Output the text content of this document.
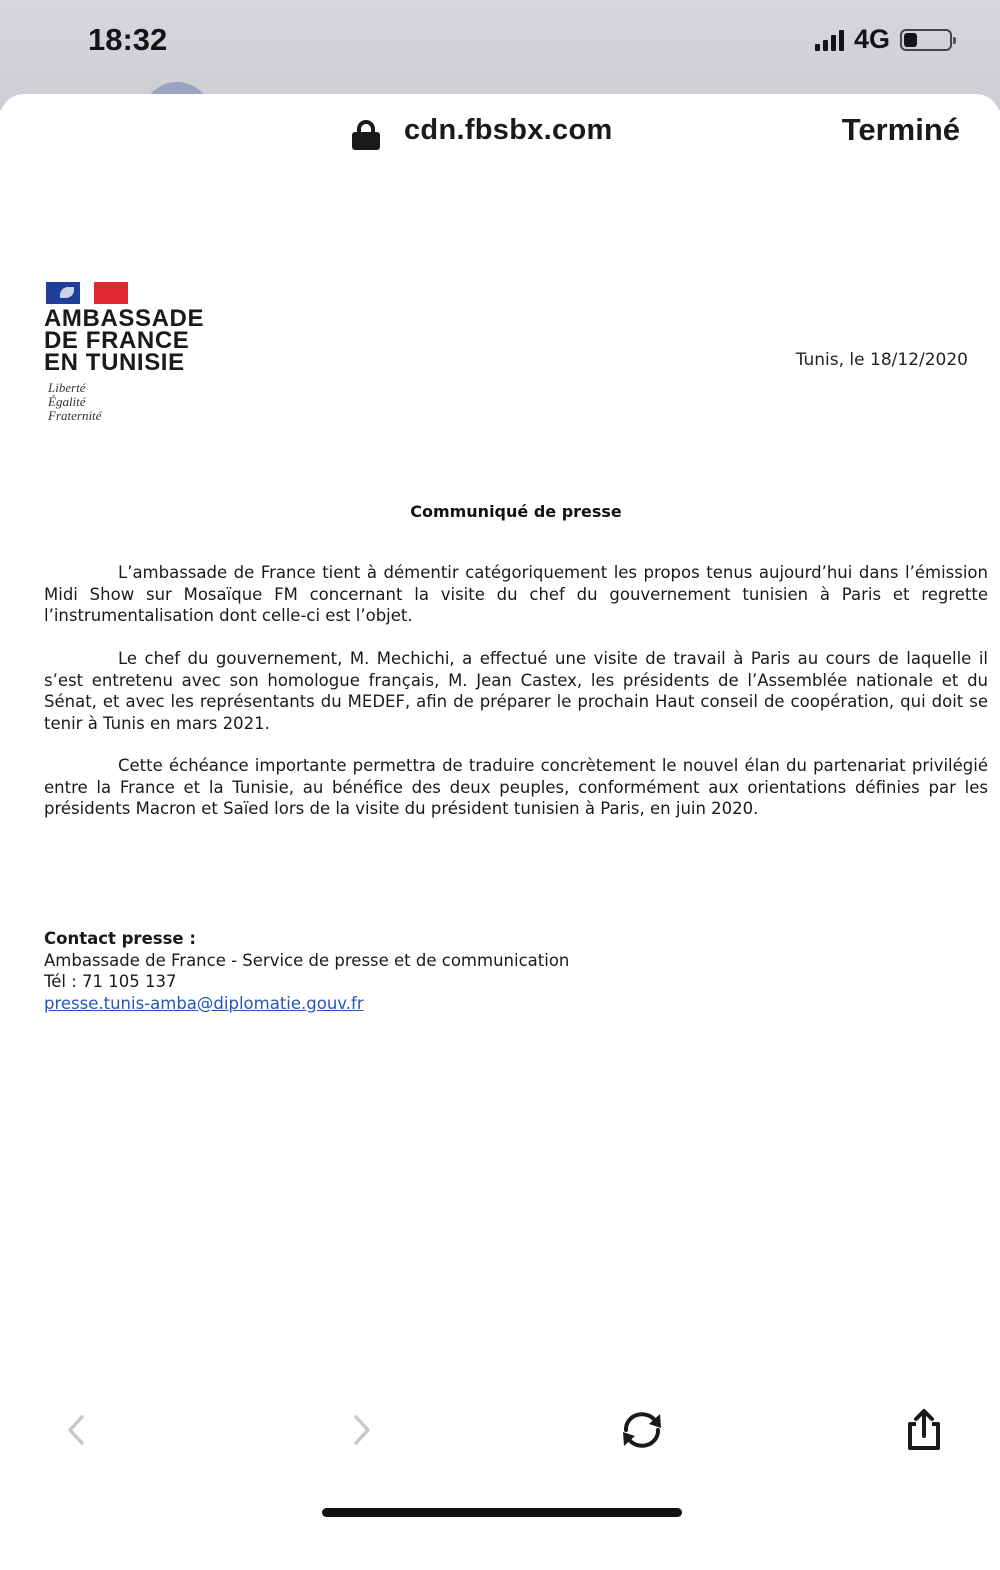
18:32	4G
cdn.fbsbx.com	Terminé
AMBASSADE
DE FRANCE
EN TUNISIE
Liberté
Égalité
Fraternité
Tunis, le 18/12/2020
Communiqué de presse

L’ambassade de France tient à démentir catégoriquement les propos tenus aujourd’hui dans l’émission Midi Show sur Mosaïque FM concernant la visite du chef du gouvernement tunisien à Paris et regrette l’instrumentalisation dont celle-ci est l’objet.

Le chef du gouvernement, M. Mechichi, a effectué une visite de travail à Paris au cours de laquelle il s’est entretenu avec son homologue français, M. Jean Castex, les présidents de l’Assemblée nationale et du Sénat, et avec les représentants du MEDEF, afin de préparer le prochain Haut conseil de coopération, qui doit se tenir à Tunis en mars 2021.

Cette échéance importante permettra de traduire concrètement le nouvel élan du partenariat privilégié entre la France et la Tunisie, au bénéfice des deux peuples, conformément aux orientations définies par les présidents Macron et Saïed lors de la visite du président tunisien à Paris, en juin 2020.

Contact presse :
Ambassade de France - Service de presse et de communication
Tél : 71 105 137
presse.tunis-amba@diplomatie.gouv.fr
